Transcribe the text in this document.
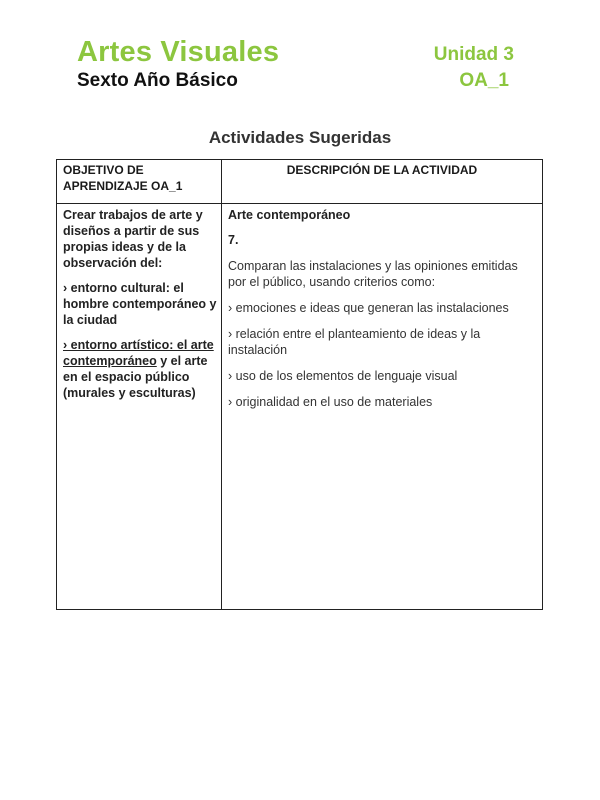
Artes Visuales	Unidad 3
Sexto Año Básico	OA_1
Actividades Sugeridas
OBJETIVO DE APRENDIZAJE OA_1
DESCRIPCIÓN DE LA ACTIVIDAD

Crear trabajos de arte y diseños a partir de sus propias ideas y de la observación del:

› entorno cultural: el hombre contemporáneo y la ciudad

› entorno artístico: el arte contemporáneo y el arte en el espacio público (murales y esculturas)

Arte contemporáneo

7.

Comparan las instalaciones y las opiniones emitidas por el público, usando criterios como:

› emociones e ideas que generan las instalaciones

› relación entre el planteamiento de ideas y la instalación

› uso de los elementos de lenguaje visual

› originalidad en el uso de materiales
